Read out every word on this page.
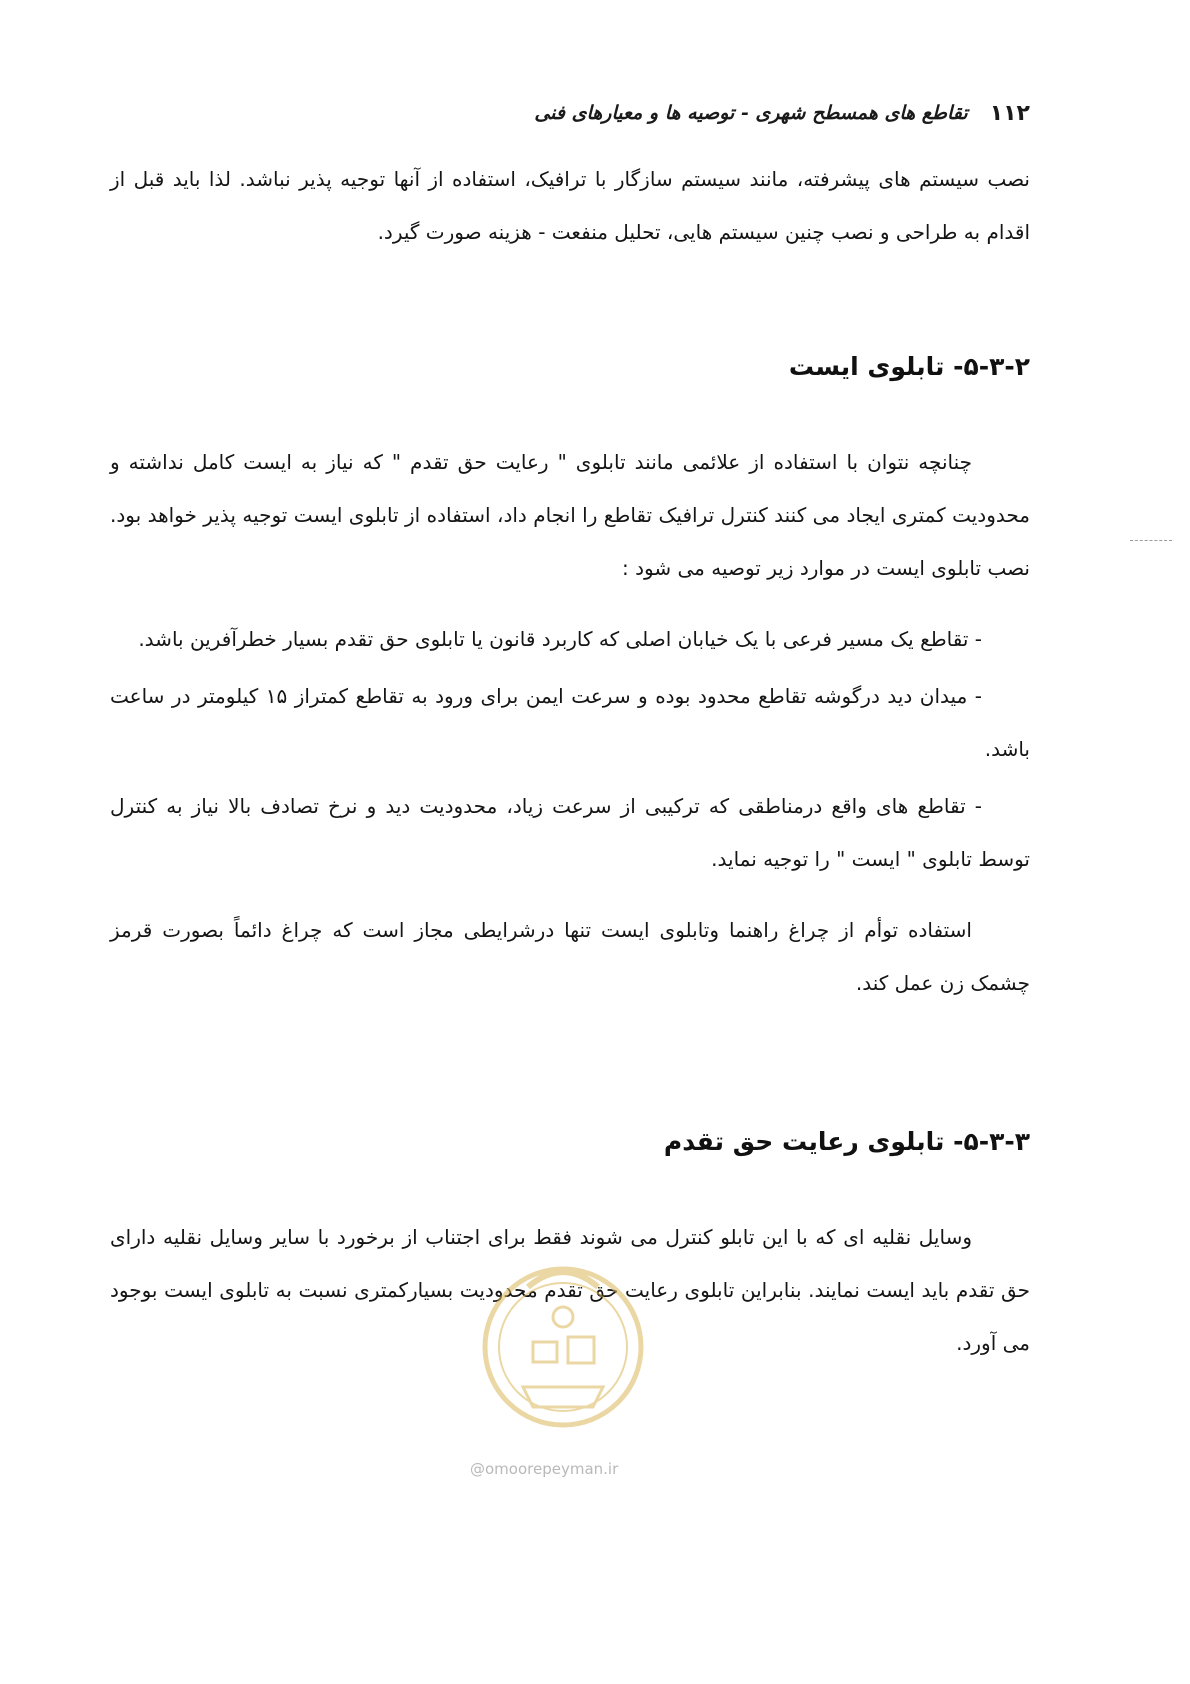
۱۱۲
تقاطع های همسطح شهری - توصیه ها و معیارهای فنی

نصب سیستم های پیشرفته، مانند سیستم سازگار با ترافیک، استفاده از آنها توجیه پذیر نباشد. لذا باید قبل از اقدام به طراحی و نصب چنین سیستم هایی، تحلیل منفعت - هزینه صورت گیرد.

۵-۳-۲- تابلوی ایست

چنانچه نتوان با استفاده از علائمی مانند تابلوی " رعایت حق تقدم " که نیاز به ایست کامل نداشته و محدودیت کمتری ایجاد می کنند کنترل ترافیک تقاطع را انجام داد، استفاده از تابلوی ایست توجیه پذیر خواهد بود. نصب تابلوی ایست در موارد زیر توصیه می شود :

- تقاطع یک مسیر فرعی با یک خیابان اصلی که کاربرد قانون یا تابلوی حق تقدم بسیار خطرآفرین باشد.

- میدان دید درگوشه تقاطع محدود بوده و سرعت ایمن برای ورود به تقاطع کمتراز ۱۵ کیلومتر در ساعت باشد.

- تقاطع های واقع درمناطقی که ترکیبی از سرعت زیاد، محدودیت دید و نرخ تصادف بالا نیاز به کنترل توسط تابلوی " ایست " را توجیه نماید.

استفاده توأم از چراغ راهنما وتابلوی ایست تنها درشرایطی مجاز است که چراغ دائماً بصورت قرمز چشمک زن عمل کند.

۵-۳-۳- تابلوی رعایت حق تقدم

وسایل نقلیه ای که با این تابلو کنترل می شوند فقط برای اجتناب از برخورد با سایر وسایل نقلیه دارای حق تقدم باید ایست نمایند. بنابراین تابلوی رعایت حق تقدم محدودیت بسیارکمتری نسبت به تابلوی ایست بوجود می آورد.

@omoorepeyman.ir
